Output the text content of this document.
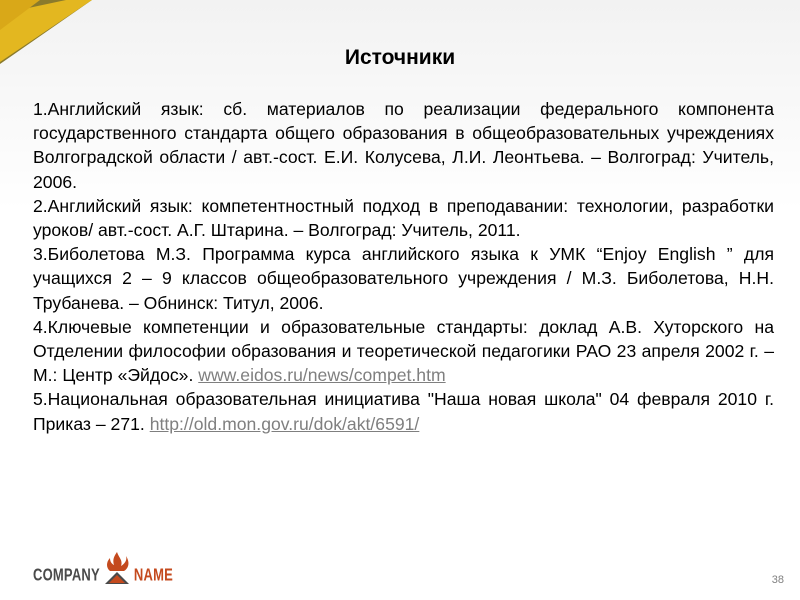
Источники

1.Английский язык: сб. материалов по реализации федерального компонента государственного стандарта общего образования в общеобразовательных учреждениях Волгоградской области / авт.-сост. Е.И. Колусева, Л.И. Леонтьева. – Волгоград: Учитель, 2006.

2.Английский язык: компетентностный подход в преподавании: технологии, разработки уроков/ авт.-сост. А.Г. Штарина. – Волгоград: Учитель, 2011.

3.Биболетова М.З. Программа курса английского языка к УМК “Enjoy English ” для учащихся 2 – 9 классов общеобразовательного учреждения / М.З. Биболетова, Н.Н. Трубанева. – Обнинск: Титул, 2006.

4.Ключевые компетенции и образовательные стандарты: доклад А.В. Хуторского на Отделении философии образования и теоретической педагогики РАО 23 апреля 2002 г. – М.: Центр «Эйдос». www.eidos.ru/news/compet.htm

5.Национальная образовательная инициатива "Наша новая школа" 04 февраля 2010 г. Приказ – 271. http://old.mon.gov.ru/dok/akt/6591/

COMPANY	NAME	38
